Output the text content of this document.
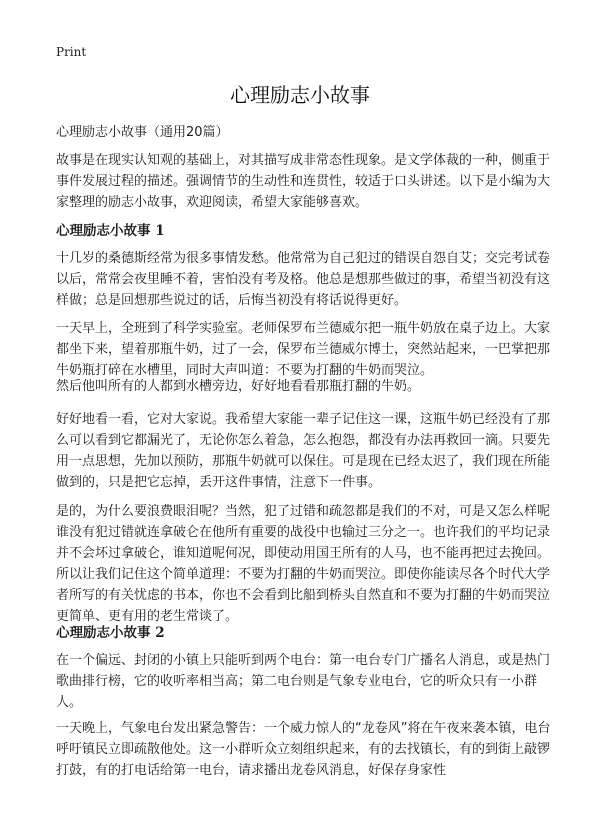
Print
心理励志小故事
心理励志小故事（通用20篇）

故事是在现实认知观的基础上，对其描写成非常态性现象。是文学体裁的一种，侧重于事件发展过程的描述。强调情节的生动性和连贯性，较适于口头讲述。以下是小编为大家整理的励志小故事，欢迎阅读，希望大家能够喜欢。

心理励志小故事 1

十几岁的桑德斯经常为很多事情发愁。他常常为自己犯过的错误自怨自艾；交完考试卷以后，常常会夜里睡不着，害怕没有考及格。他总是想那些做过的事，希望当初没有这样做；总是回想那些说过的话，后悔当初没有将话说得更好。

一天早上，全班到了科学实验室。老师保罗布兰德威尔把一瓶牛奶放在桌子边上。大家都坐下来，望着那瓶牛奶，过了一会，保罗布兰德威尔博士，突然站起来，一巴掌把那牛奶瓶打碎在水槽里，同时大声叫道：不要为打翻的牛奶而哭泣。

然后他叫所有的人都到水槽旁边，好好地看看那瓶打翻的牛奶。

好好地看一看，它对大家说。我希望大家能一辈子记住这一课，这瓶牛奶已经没有了那么可以看到它都漏光了，无论你怎么着急，怎么抱怨，都没有办法再救回一滴。只要先用一点思想，先加以预防，那瓶牛奶就可以保住。可是现在已经太迟了，我们现在所能做到的，只是把它忘掉，丢开这件事情，注意下一件事。

是的，为什么要浪费眼泪呢？当然，犯了过错和疏忽都是我们的不对，可是又怎么样呢谁没有犯过错就连拿破仑在他所有重要的战役中也输过三分之一。也许我们的平均记录并不会坏过拿破仑，谁知道呢何况，即使动用国王所有的人马，也不能再把过去挽回。所以让我们记住这个简单道理：不要为打翻的牛奶而哭泣。即使你能读尽各个时代大学者所写的有关忧虑的书本，你也不会看到比船到桥头自然直和不要为打翻的牛奶而哭泣更简单、更有用的老生常谈了。

心理励志小故事 2

在一个偏远、封闭的小镇上只能听到两个电台：第一电台专门广播名人消息，或是热门歌曲排行榜，它的收听率相当高；第二电台则是气象专业电台，它的听众只有一小群人。

一天晚上，气象电台发出紧急警告：一个威力惊人的“龙卷风”将在午夜来袭本镇，电台呼吁镇民立即疏散他处。这一小群听众立刻组织起来，有的去找镇长，有的到街上敲锣打鼓，有的打电话给第一电台，请求播出龙卷风消息，好保存身家性
